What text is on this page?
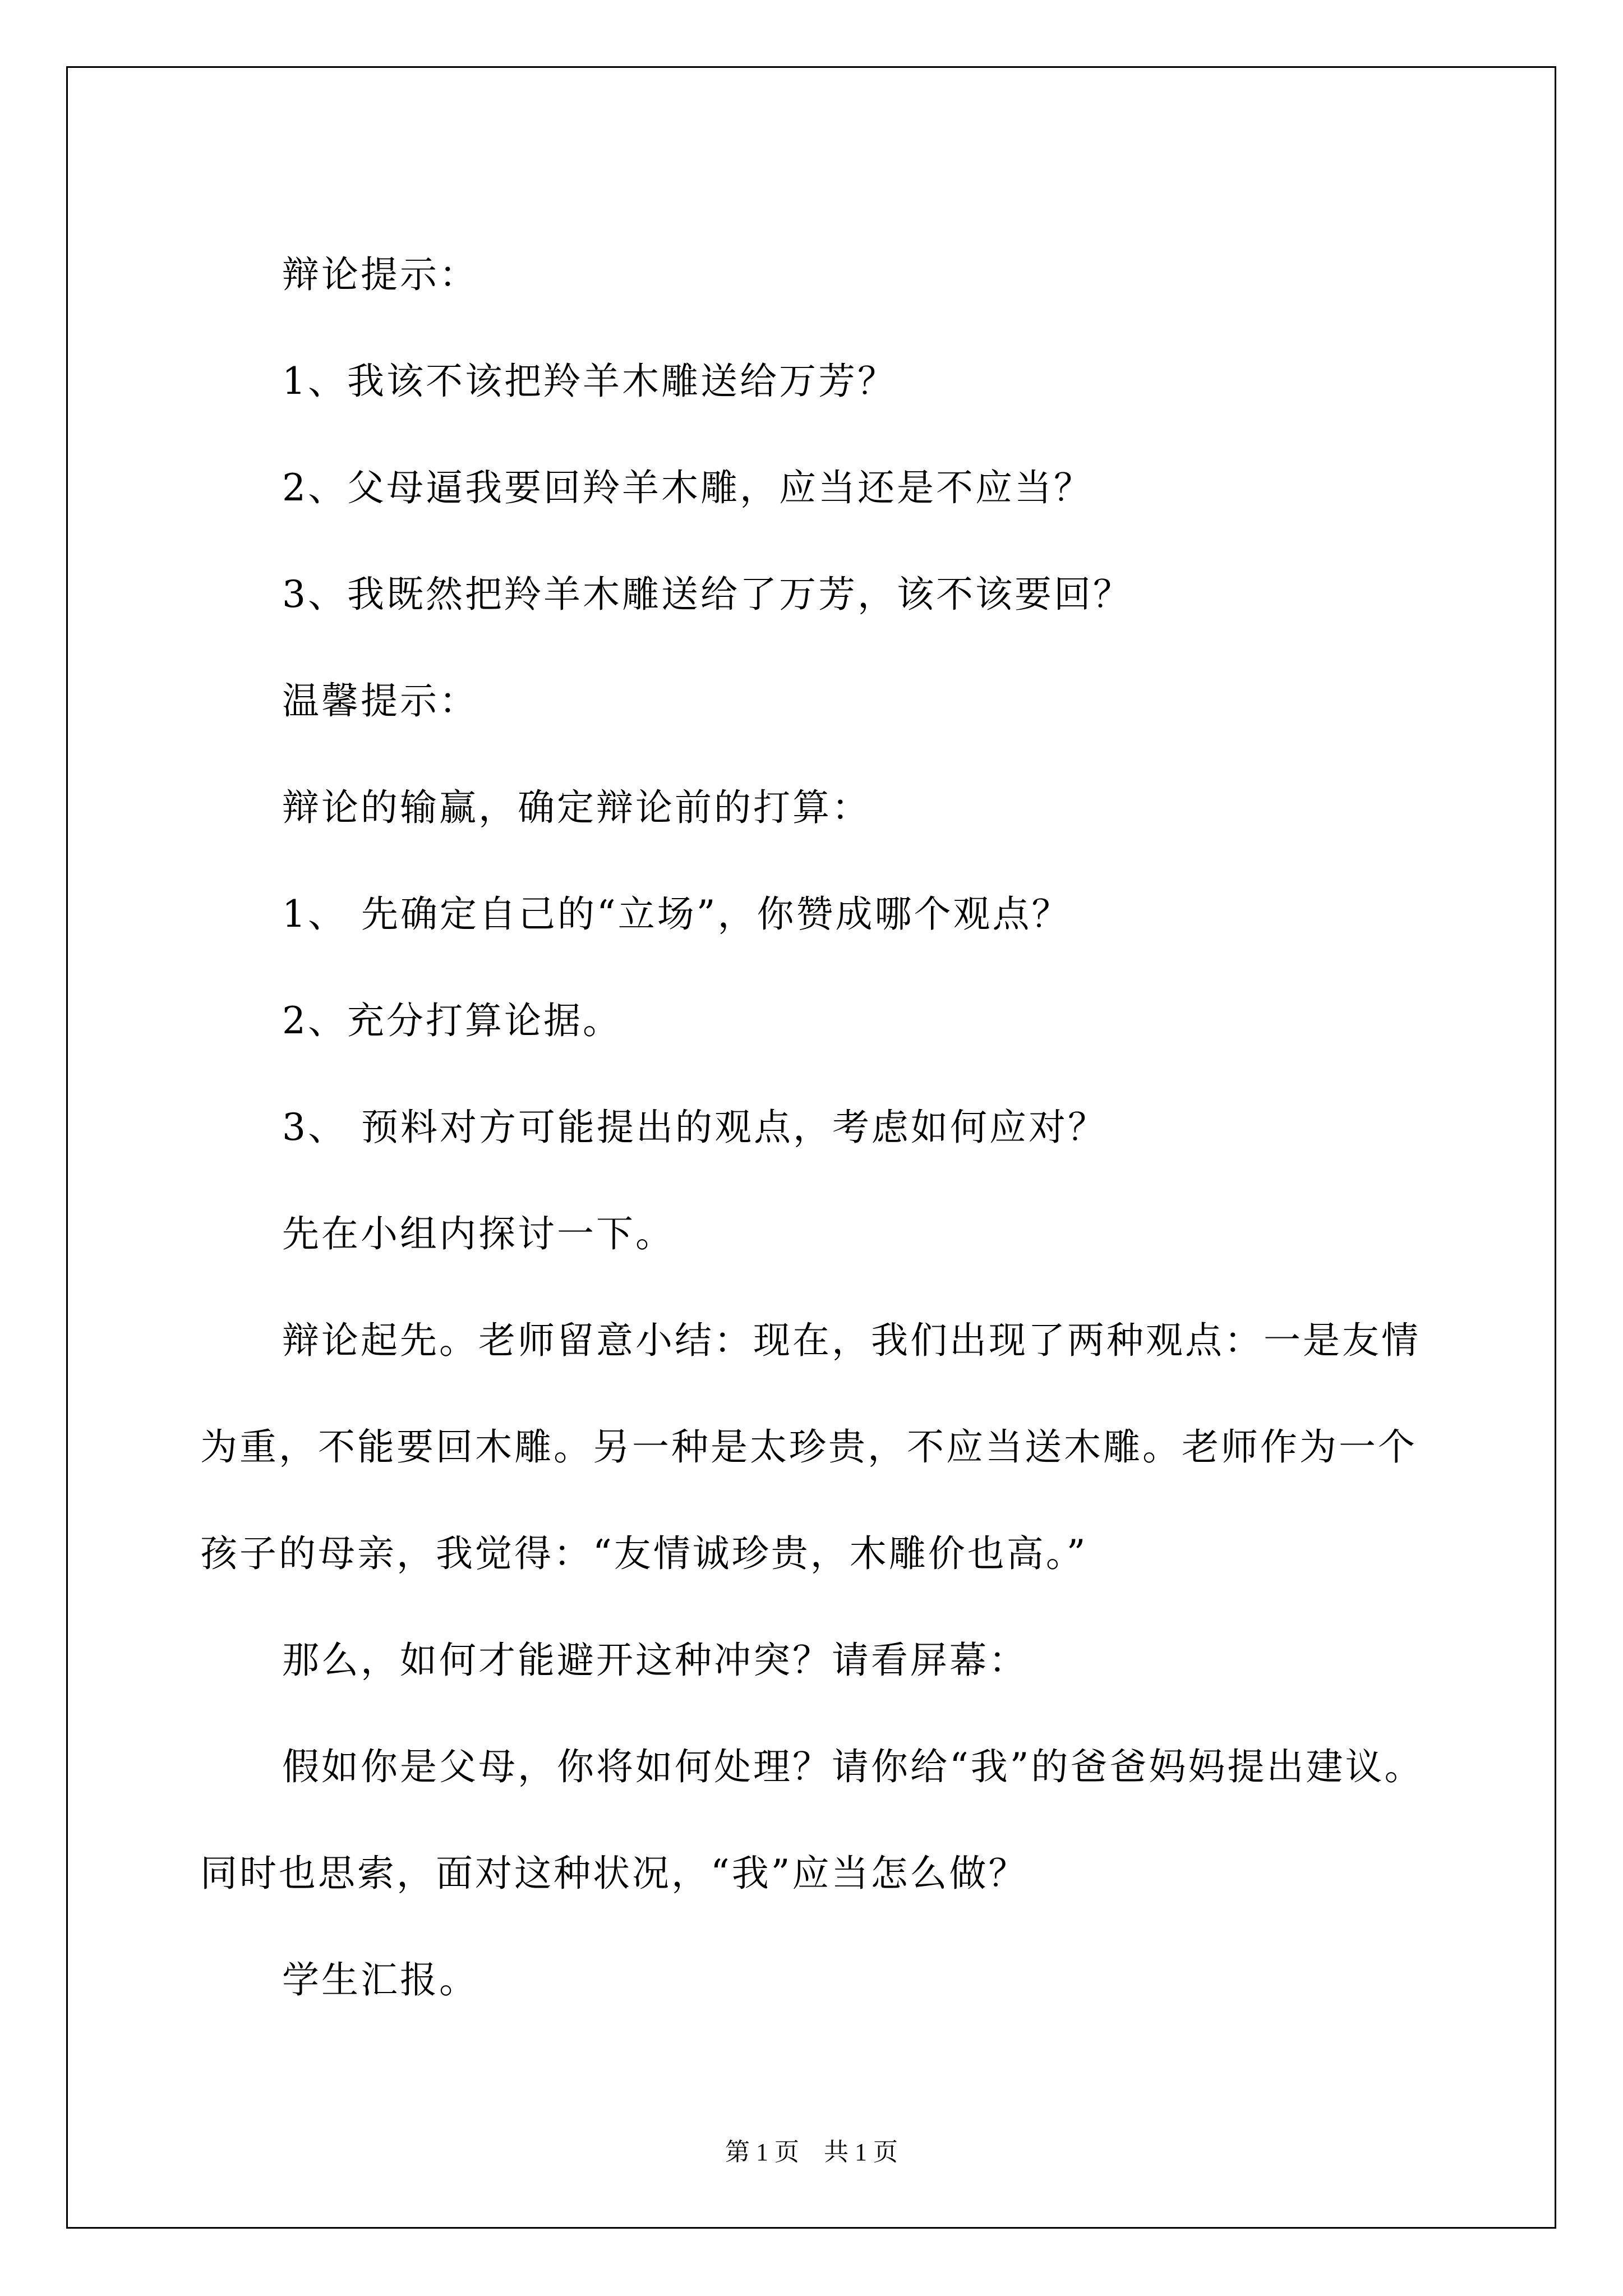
辩论提示：

1、我该不该把羚羊木雕送给万芳？

2、父母逼我要回羚羊木雕，应当还是不应当？

3、我既然把羚羊木雕送给了万芳，该不该要回？

温馨提示：

辩论的输赢，确定辩论前的打算：

1、 先确定自己的“立场”，你赞成哪个观点？

2、充分打算论据。

3、 预料对方可能提出的观点，考虑如何应对？

先在小组内探讨一下。

辩论起先。老师留意小结：现在，我们出现了两种观点：一是友情为重，不能要回木雕。另一种是太珍贵，不应当送木雕。老师作为一个孩子的母亲，我觉得：“友情诚珍贵，木雕价也高。”

那么，如何才能避开这种冲突？请看屏幕：

假如你是父母，你将如何处理？请你给“我”的爸爸妈妈提出建议。同时也思索，面对这种状况，“我”应当怎么做？

学生汇报。

第 1 页　共 1 页
